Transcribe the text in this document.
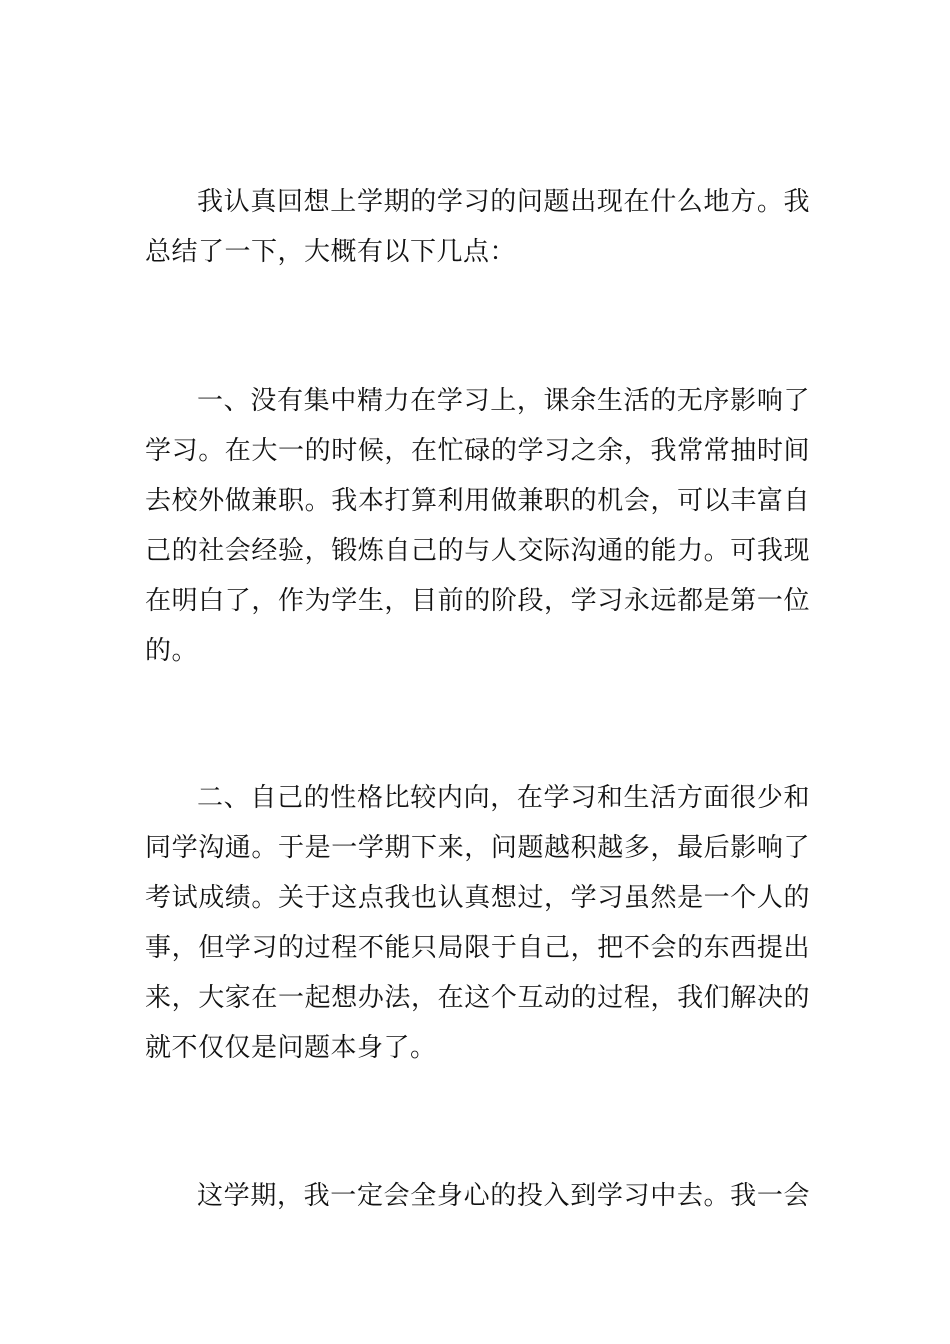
我认真回想上学期的学习的问题出现在什么地方。我
总结了一下，大概有以下几点：
一、没有集中精力在学习上，课余生活的无序影响了
学习。在大一的时候，在忙碌的学习之余，我常常抽时间
去校外做兼职。我本打算利用做兼职的机会，可以丰富自
己的社会经验，锻炼自己的与人交际沟通的能力。可我现
在明白了，作为学生，目前的阶段，学习永远都是第一位
的。
二、自己的性格比较内向，在学习和生活方面很少和
同学沟通。于是一学期下来，问题越积越多，最后影响了
考试成绩。关于这点我也认真想过，学习虽然是一个人的
事，但学习的过程不能只局限于自己，把不会的东西提出
来，大家在一起想办法，在这个互动的过程，我们解决的
就不仅仅是问题本身了。
这学期，我一定会全身心的投入到学习中去。我一会
